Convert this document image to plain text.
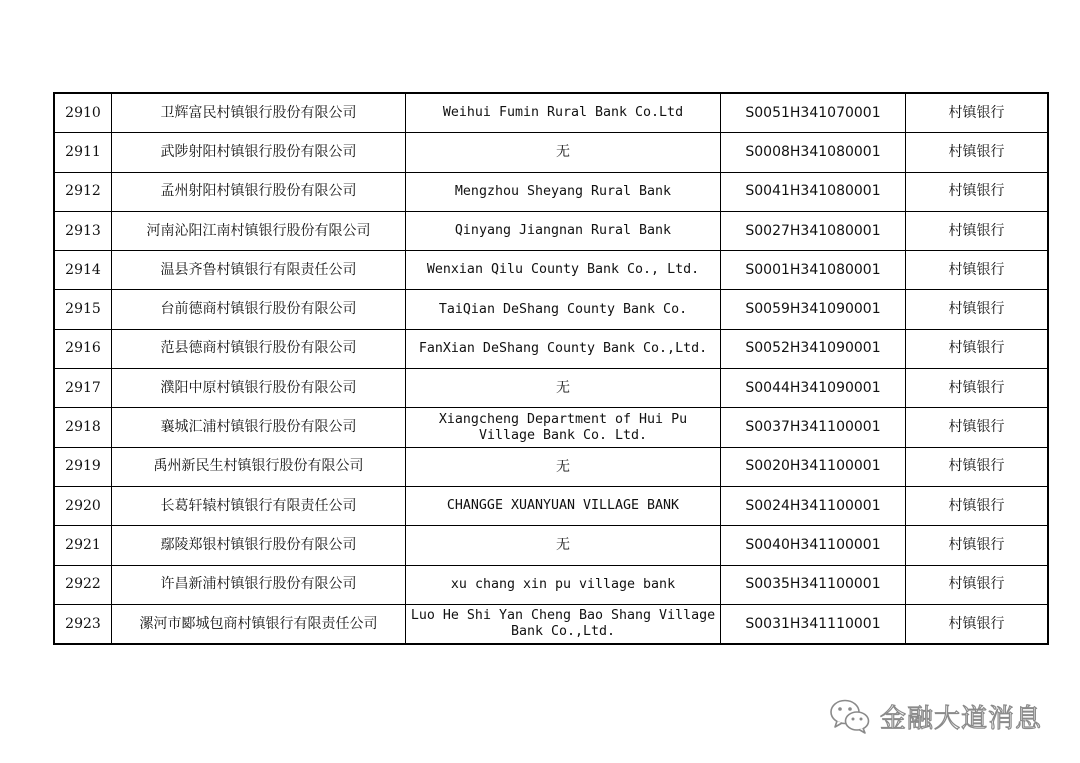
2910	卫辉富民村镇银行股份有限公司	Weihui Fumin Rural Bank Co.Ltd	S0051H341070001	村镇银行
2911	武陟射阳村镇银行股份有限公司	无	S0008H341080001	村镇银行
2912	孟州射阳村镇银行股份有限公司	Mengzhou Sheyang Rural Bank	S0041H341080001	村镇银行
2913	河南沁阳江南村镇银行股份有限公司	Qinyang Jiangnan Rural Bank	S0027H341080001	村镇银行
2914	温县齐鲁村镇银行有限责任公司	Wenxian Qilu County Bank Co., Ltd.	S0001H341080001	村镇银行
2915	台前德商村镇银行股份有限公司	TaiQian DeShang County Bank Co.	S0059H341090001	村镇银行
2916	范县德商村镇银行股份有限公司	FanXian DeShang County Bank Co.,Ltd.	S0052H341090001	村镇银行
2917	濮阳中原村镇银行股份有限公司	无	S0044H341090001	村镇银行
2918	襄城汇浦村镇银行股份有限公司	Xiangcheng Department of Hui Pu Village Bank Co. Ltd.	S0037H341100001	村镇银行
2919	禹州新民生村镇银行股份有限公司	无	S0020H341100001	村镇银行
2920	长葛轩辕村镇银行有限责任公司	CHANGGE XUANYUAN VILLAGE BANK	S0024H341100001	村镇银行
2921	鄢陵郑银村镇银行股份有限公司	无	S0040H341100001	村镇银行
2922	许昌新浦村镇银行股份有限公司	xu chang xin pu village bank	S0035H341100001	村镇银行
2923	漯河市郾城包商村镇银行有限责任公司	Luo He Shi Yan Cheng Bao Shang Village Bank Co.,Ltd.	S0031H341110001	村镇银行
金融大道消息
